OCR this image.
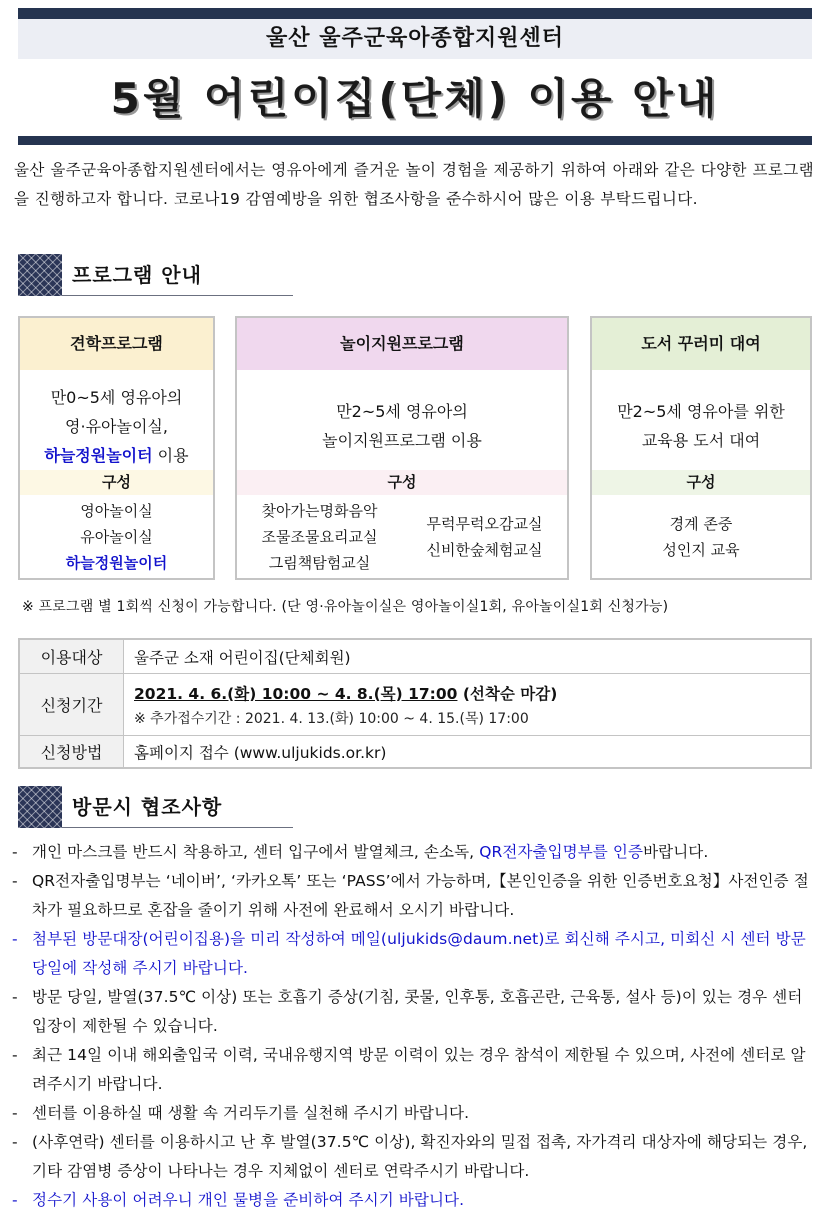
울산 울주군육아종합지원센터
5월 어린이집(단체) 이용 안내

울산 울주군육아종합지원센터에서는 영유아에게 즐거운 놀이 경험을 제공하기 위하여 아래와 같은 다양한 프로그램을 진행하고자 합니다. 코로나19 감염예방을 위한 협조사항을 준수하시어 많은 이용 부탁드립니다.

프로그램 안내
견학프로그램
만0~5세 영유아의
영·유아놀이실,
하늘정원놀이터 이용
구성
영아놀이실
유아놀이실
하늘정원놀이터
놀이지원프로그램
만2~5세 영유아의
놀이지원프로그램 이용
구성
찾아가는명화음악
조물조물요리교실
그림책탐험교실
무럭무럭오감교실
신비한숲체험교실
도서 꾸러미 대여
만2~5세 영유아를 위한
교육용 도서 대여
구성
경계 존중
성인지 교육
※ 프로그램 별 1회씩 신청이 가능합니다. (단 영·유아놀이실은 영아놀이실1회, 유아놀이실1회 신청가능)
이용대상	울주군 소재 어린이집(단체회원)
신청기간
2021. 4. 6.(화) 10:00 ~ 4. 8.(목) 17:00 (선착순 마감)
※ 추가접수기간 : 2021. 4. 13.(화) 10:00 ~ 4. 15.(목) 17:00
신청방법	홈페이지 접수 (www.uljukids.or.kr)
방문시 협조사항
- 개인 마스크를 반드시 착용하고, 센터 입구에서 발열체크, 손소독, QR전자출입명부를 인증바랍니다.
- QR전자출입명부는 ‘네이버’, ‘카카오톡’ 또는 ‘PASS’에서 가능하며,【본인인증을 위한 인증번호요청】사전인증 절차가 필요하므로 혼잡을 줄이기 위해 사전에 완료해서 오시기 바랍니다.
- 첨부된 방문대장(어린이집용)을 미리 작성하여 메일(uljukids@daum.net)로 회신해 주시고, 미회신 시 센터 방문 당일에 작성해 주시기 바랍니다.
- 방문 당일, 발열(37.5℃ 이상) 또는 호흡기 증상(기침, 콧물, 인후통, 호흡곤란, 근육통, 설사 등)이 있는 경우 센터 입장이 제한될 수 있습니다.
- 최근 14일 이내 해외출입국 이력, 국내유행지역 방문 이력이 있는 경우 참석이 제한될 수 있으며, 사전에 센터로 알려주시기 바랍니다.
- 센터를 이용하실 때 생활 속 거리두기를 실천해 주시기 바랍니다.
- (사후연락) 센터를 이용하시고 난 후 발열(37.5℃ 이상), 확진자와의 밀접 접촉, 자가격리 대상자에 해당되는 경우, 기타 감염병 증상이 나타나는 경우 지체없이 센터로 연락주시기 바랍니다.
- 정수기 사용이 어려우니 개인 물병을 준비하여 주시기 바랍니다.
